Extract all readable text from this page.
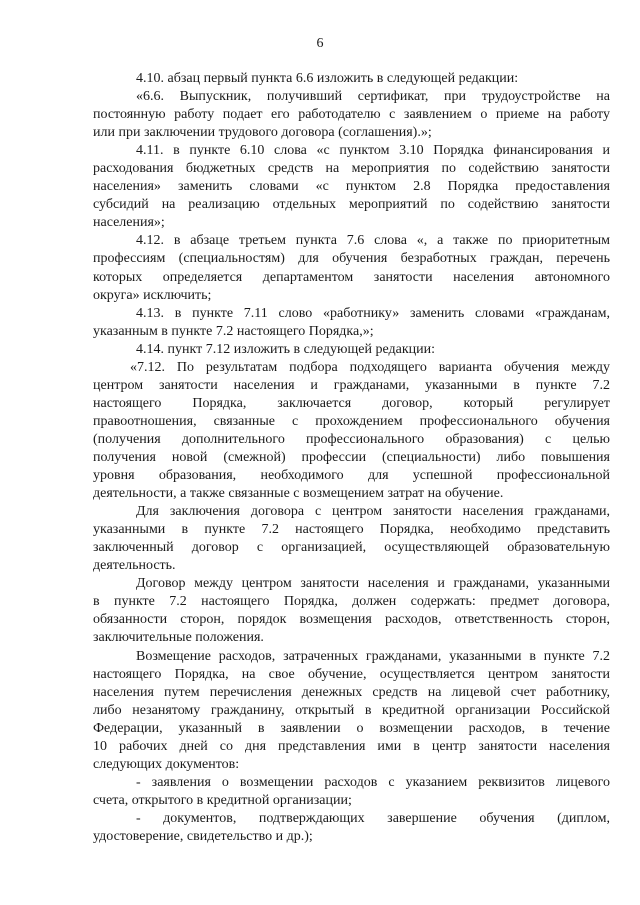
6
4.10. абзац первый пункта 6.6 изложить в следующей редакции:
«6.6. Выпускник, получивший сертификат, при трудоустройстве на
постоянную работу подает его работодателю с заявлением о приеме на работу
или при заключении трудового договора (соглашения).»;
4.11. в пункте 6.10 слова «с пунктом 3.10 Порядка финансирования и
расходования бюджетных средств на мероприятия по содействию занятости
населения» заменить словами «с пунктом 2.8 Порядка предоставления
субсидий на реализацию отдельных мероприятий по содействию занятости
населения»;
4.12. в абзаце третьем пункта 7.6 слова «, а также по приоритетным
профессиям (специальностям) для обучения безработных граждан, перечень
которых определяется департаментом занятости населения автономного
округа» исключить;
4.13. в пункте 7.11 слово «работнику» заменить словами «гражданам,
указанным в пункте 7.2 настоящего Порядка,»;
4.14. пункт 7.12 изложить в следующей редакции:
«7.12. По результатам подбора подходящего варианта обучения между
центром занятости населения и гражданами, указанными в пункте 7.2
настоящего Порядка, заключается договор, который регулирует
правоотношения, связанные с прохождением профессионального обучения
(получения дополнительного профессионального образования) с целью
получения новой (смежной) профессии (специальности) либо повышения
уровня образования, необходимого для успешной профессиональной
деятельности, а также связанные с возмещением затрат на обучение.
Для заключения договора с центром занятости населения гражданами,
указанными в пункте 7.2 настоящего Порядка, необходимо представить
заключенный договор с организацией, осуществляющей образовательную
деятельность.
Договор между центром занятости населения и гражданами, указанными
в пункте 7.2 настоящего Порядка, должен содержать: предмет договора,
обязанности сторон, порядок возмещения расходов, ответственность сторон,
заключительные положения.
Возмещение расходов, затраченных гражданами, указанными в пункте 7.2
настоящего Порядка, на свое обучение, осуществляется центром занятости
населения путем перечисления денежных средств на лицевой счет работнику,
либо незанятому гражданину, открытый в кредитной организации Российской
Федерации, указанный в заявлении о возмещении расходов, в течение
10 рабочих дней со дня представления ими в центр занятости населения
следующих документов:
- заявления о возмещении расходов с указанием реквизитов лицевого
счета, открытого в кредитной организации;
- документов, подтверждающих завершение обучения (диплом,
удостоверение, свидетельство и др.);
